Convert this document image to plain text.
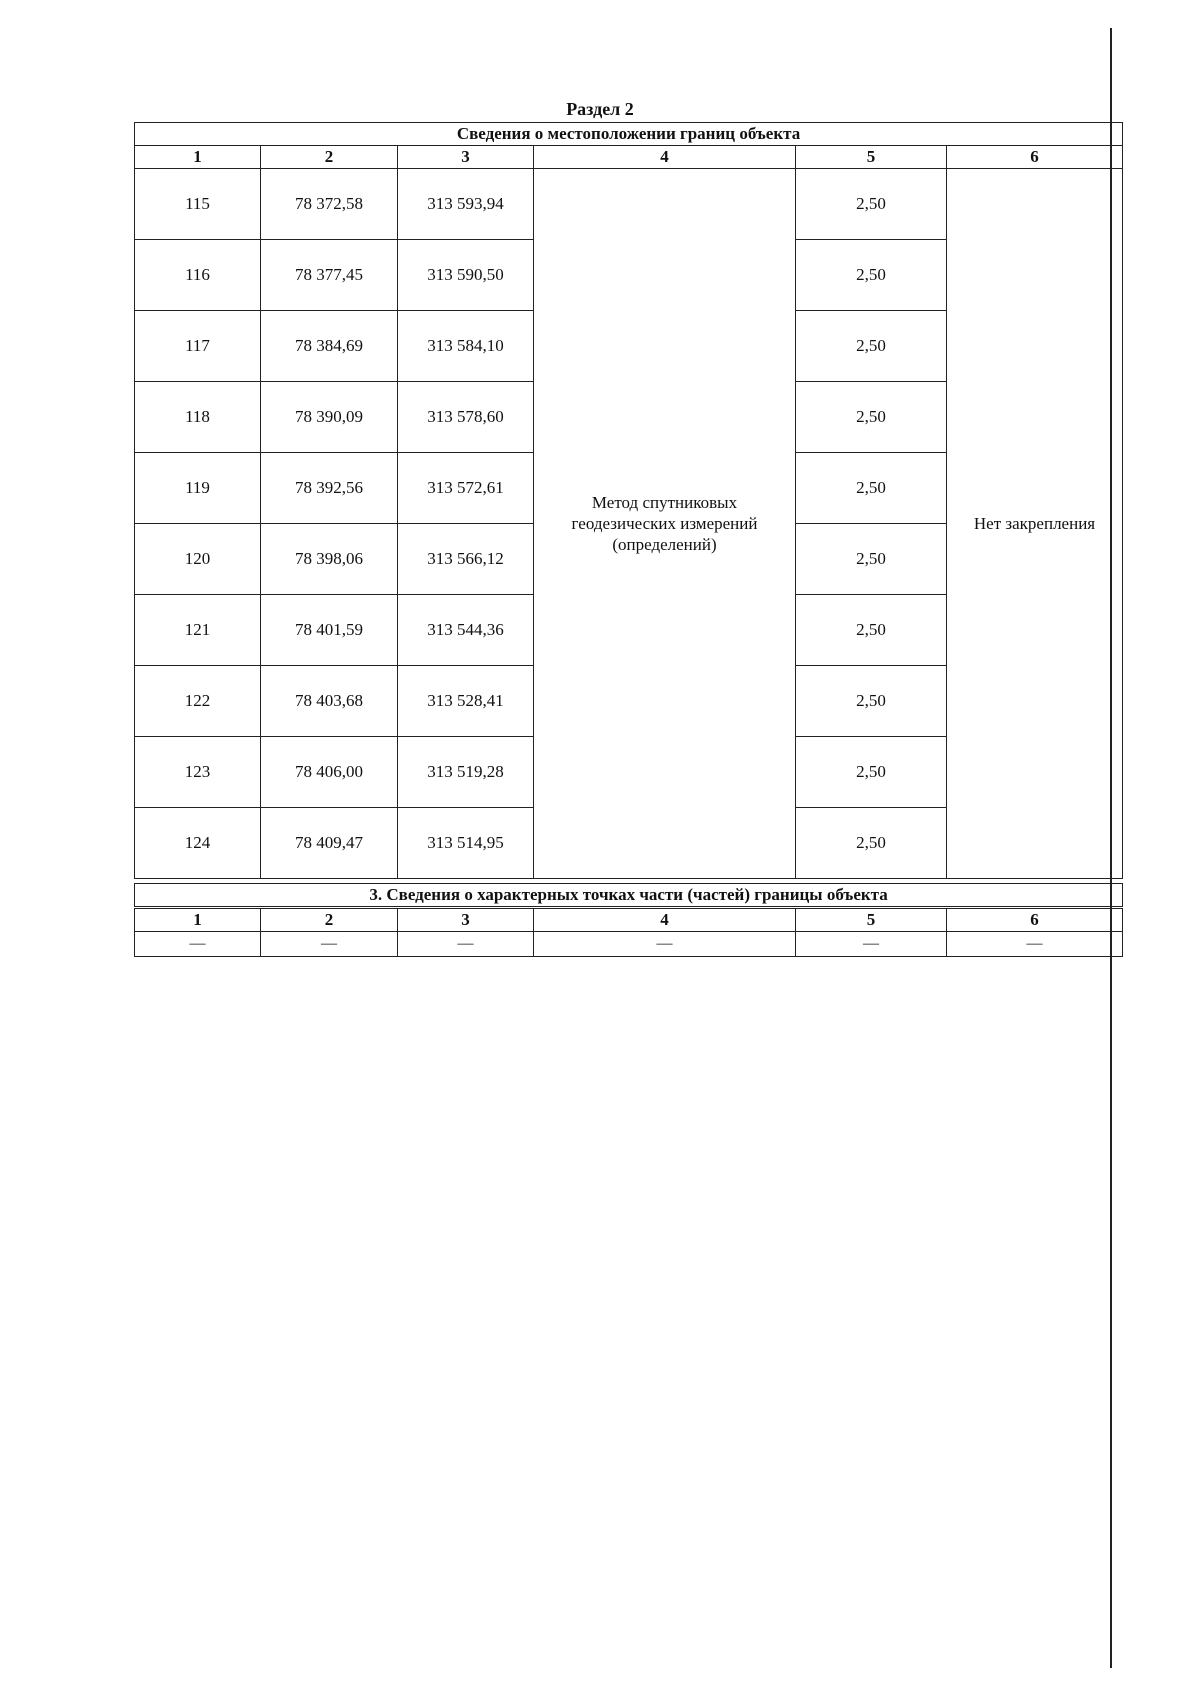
Раздел 2
Сведения о местоположении границ объекта					
1	2	3	4	5	6
115	78 372,58	313 593,94	Метод спутниковых геодезических измерений (определений)	2,50	Нет закрепления
116	78 377,45	313 590,50		2,50	
117	78 384,69	313 584,10		2,50	
118	78 390,09	313 578,60		2,50	
119	78 392,56	313 572,61		2,50	
120	78 398,06	313 566,12		2,50	
121	78 401,59	313 544,36		2,50	
122	78 403,68	313 528,41		2,50	
123	78 406,00	313 519,28		2,50	
124	78 409,47	313 514,95		2,50	
3. Сведения о характерных точках части (частей) границы объекта					
1	2	3	4	5	6
—	—	—	—	—	—
